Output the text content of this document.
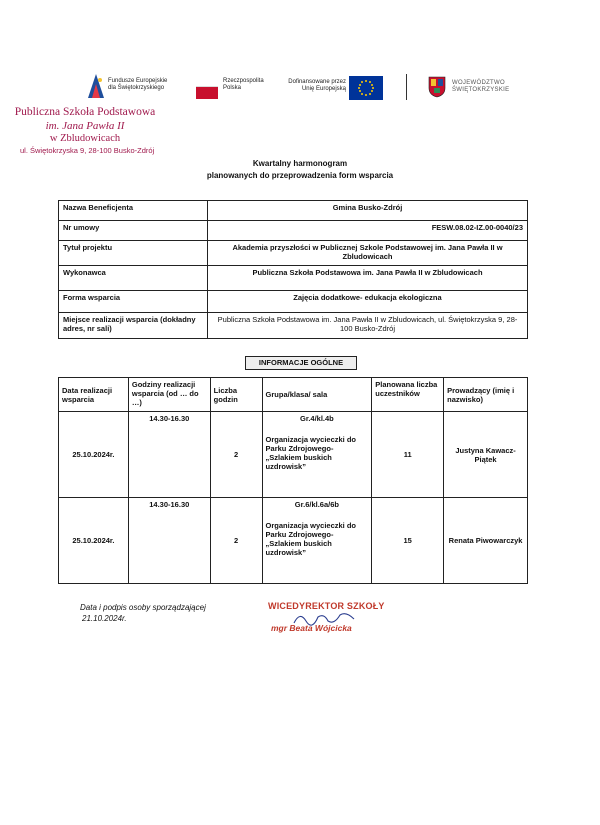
Fundusze Europejskie
dla Świętokrzyskiego
Rzeczpospolita
Polska
Dofinansowane przez
Unię Europejską
WOJEWÓDZTWO
ŚWIĘTOKRZYSKIE
Publiczna Szkoła Podstawowa
im. Jana Pawła II
w Zbludowicach
ul. Świętokrzyska 9, 28-100 Busko-Zdrój
Kwartalny harmonogram
planowanych do przeprowadzenia form wsparcia
Nazwa Beneficjenta	Gmina Busko-Zdrój
Nr umowy	FESW.08.02-IZ.00-0040/23
Tytuł projektu	Akademia przyszłości w Publicznej Szkole Podstawowej im. Jana Pawła II w Zbludowicach
Wykonawca	Publiczna Szkoła Podstawowa im. Jana Pawła II w Zbludowicach
Forma wsparcia	Zajęcia dodatkowe- edukacja ekologiczna
Miejsce realizacji wsparcia (dokładny adres, nr sali)	Publiczna Szkoła Podstawowa im. Jana Pawła II w Zbludowicach, ul. Świętokrzyska 9, 28-100 Busko-Zdrój
INFORMACJE OGÓLNE
Data realizacji wsparcia	Godziny realizacji wsparcia (od … do …)	Liczba godzin	Grupa/klasa/ sala	Planowana liczba uczestników	Prowadzący (imię i nazwisko)
25.10.2024r.	14.30-16.30	2	Gr.4/kl.4b
Organizacja wycieczki do Parku Zdrojowego- „Szlakiem buskich uzdrowisk”	11	Justyna Kawacz-Piątek
25.10.2024r.	14.30-16.30	2	Gr.6/kl.6a/6b
Organizacja wycieczki do Parku Zdrojowego- „Szlakiem buskich uzdrowisk”	15	Renata Piwowarczyk
Data i podpis osoby sporządzającej
21.10.2024r.
WICEDYREKTOR SZKOŁY
mgr Beata Wójcicka
